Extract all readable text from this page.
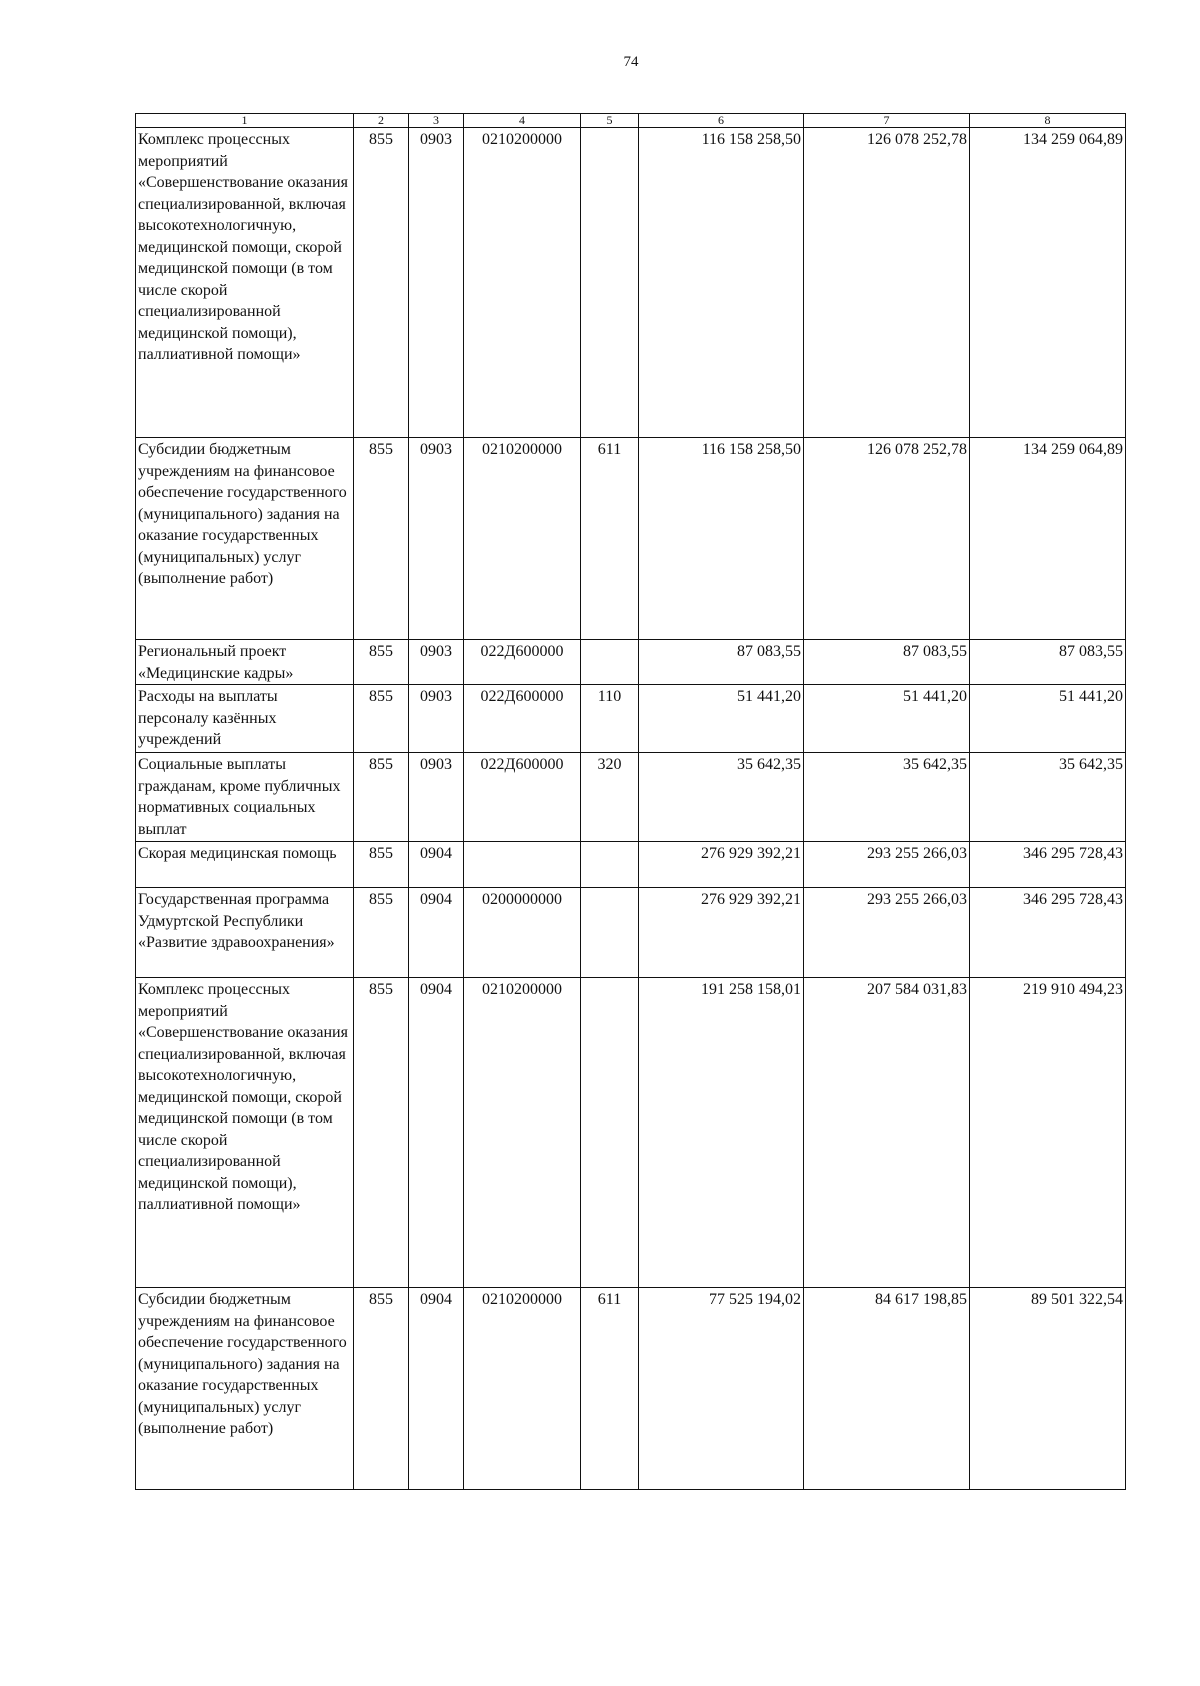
74
1	2	3	4	5	6	7	8
Комплекс процессных мероприятий «Совершенствование оказания специализированной, включая высокотехнологичную, медицинской помощи, скорой медицинской помощи (в том числе скорой специализированной медицинской помощи), паллиативной помощи»	855	0903	0210200000		116 158 258,50	126 078 252,78	134 259 064,89
Субсидии бюджетным учреждениям на финансовое обеспечение государственного (муниципального) задания на оказание государственных (муниципальных) услуг (выполнение работ)	855	0903	0210200000	611	116 158 258,50	126 078 252,78	134 259 064,89
Региональный проект «Медицинские кадры»	855	0903	022Д600000		87 083,55	87 083,55	87 083,55
Расходы на выплаты персоналу казённых учреждений	855	0903	022Д600000	110	51 441,20	51 441,20	51 441,20
Социальные выплаты гражданам, кроме публичных нормативных социальных выплат	855	0903	022Д600000	320	35 642,35	35 642,35	35 642,35
Скорая медицинская помощь	855	0904			276 929 392,21	293 255 266,03	346 295 728,43
Государственная программа Удмуртской Республики «Развитие здравоохранения»	855	0904	0200000000		276 929 392,21	293 255 266,03	346 295 728,43
Комплекс процессных мероприятий «Совершенствование оказания специализированной, включая высокотехнологичную, медицинской помощи, скорой медицинской помощи (в том числе скорой специализированной медицинской помощи), паллиативной помощи»	855	0904	0210200000		191 258 158,01	207 584 031,83	219 910 494,23
Субсидии бюджетным учреждениям на финансовое обеспечение государственного (муниципального) задания на оказание государственных (муниципальных) услуг (выполнение работ)	855	0904	0210200000	611	77 525 194,02	84 617 198,85	89 501 322,54
